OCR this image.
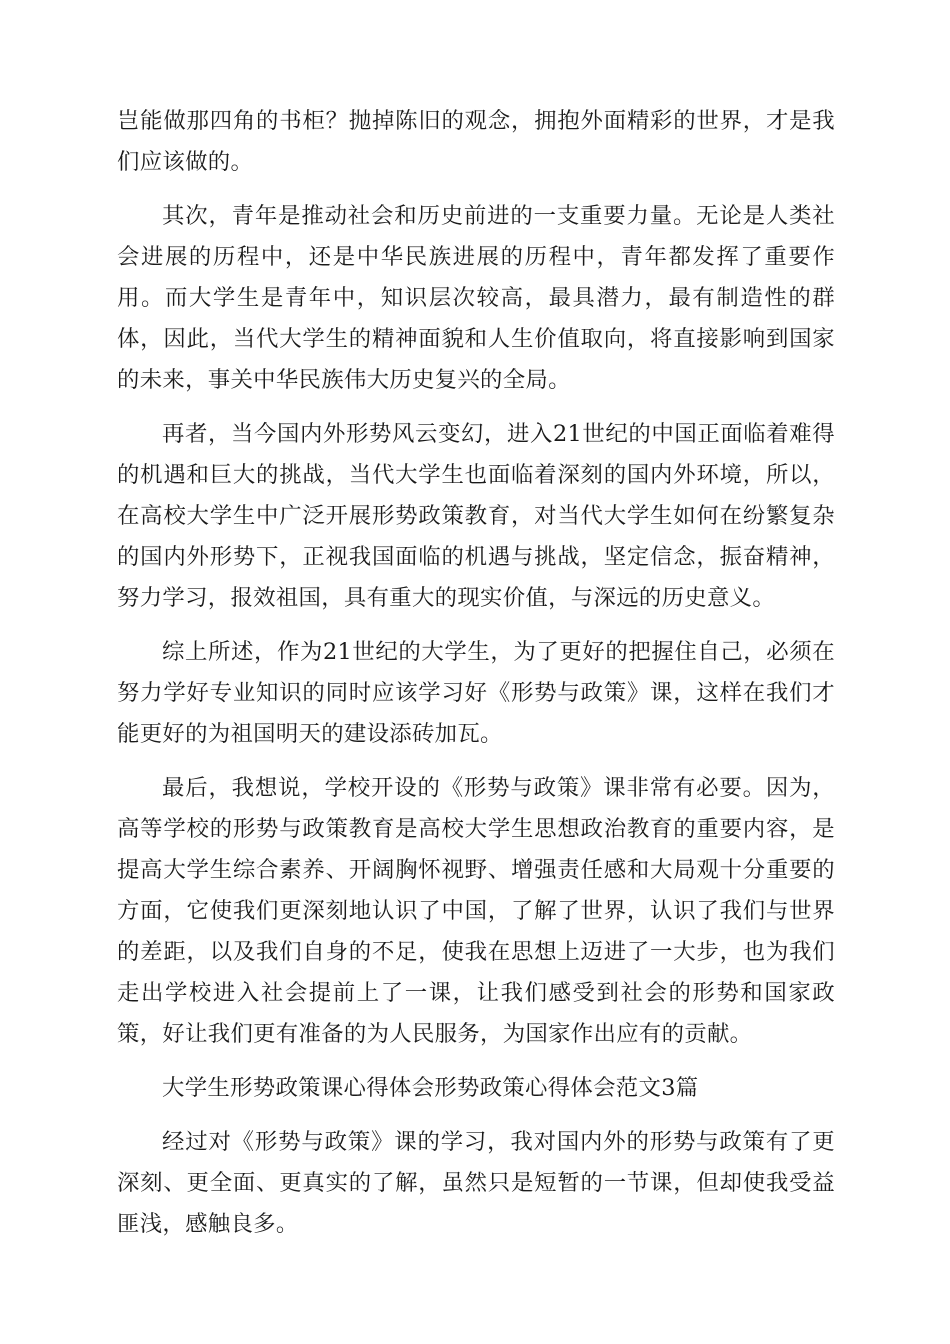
岂能做那四角的书柜？抛掉陈旧的观念，拥抱外面精彩的世界，才是我们应该做的。

其次，青年是推动社会和历史前进的一支重要力量。无论是人类社会进展的历程中，还是中华民族进展的历程中，青年都发挥了重要作用。而大学生是青年中，知识层次较高，最具潜力，最有制造性的群体，因此，当代大学生的精神面貌和人生价值取向，将直接影响到国家的未来，事关中华民族伟大历史复兴的全局。

再者，当今国内外形势风云变幻，进入21世纪的中国正面临着难得的机遇和巨大的挑战，当代大学生也面临着深刻的国内外环境，所以，在高校大学生中广泛开展形势政策教育，对当代大学生如何在纷繁复杂的国内外形势下，正视我国面临的机遇与挑战，坚定信念，振奋精神，努力学习，报效祖国，具有重大的现实价值，与深远的历史意义。

综上所述，作为21世纪的大学生，为了更好的把握住自己，必须在努力学好专业知识的同时应该学习好《形势与政策》课，这样在我们才能更好的为祖国明天的建设添砖加瓦。

最后，我想说，学校开设的《形势与政策》课非常有必要。因为，高等学校的形势与政策教育是高校大学生思想政治教育的重要内容，是提高大学生综合素养、开阔胸怀视野、增强责任感和大局观十分重要的方面，它使我们更深刻地认识了中国，了解了世界，认识了我们与世界的差距，以及我们自身的不足，使我在思想上迈进了一大步，也为我们走出学校进入社会提前上了一课，让我们感受到社会的形势和国家政策，好让我们更有准备的为人民服务，为国家作出应有的贡献。

大学生形势政策课心得体会形势政策心得体会范文3篇

经过对《形势与政策》课的学习，我对国内外的形势与政策有了更深刻、更全面、更真实的了解，虽然只是短暂的一节课，但却使我受益匪浅，感触良多。
